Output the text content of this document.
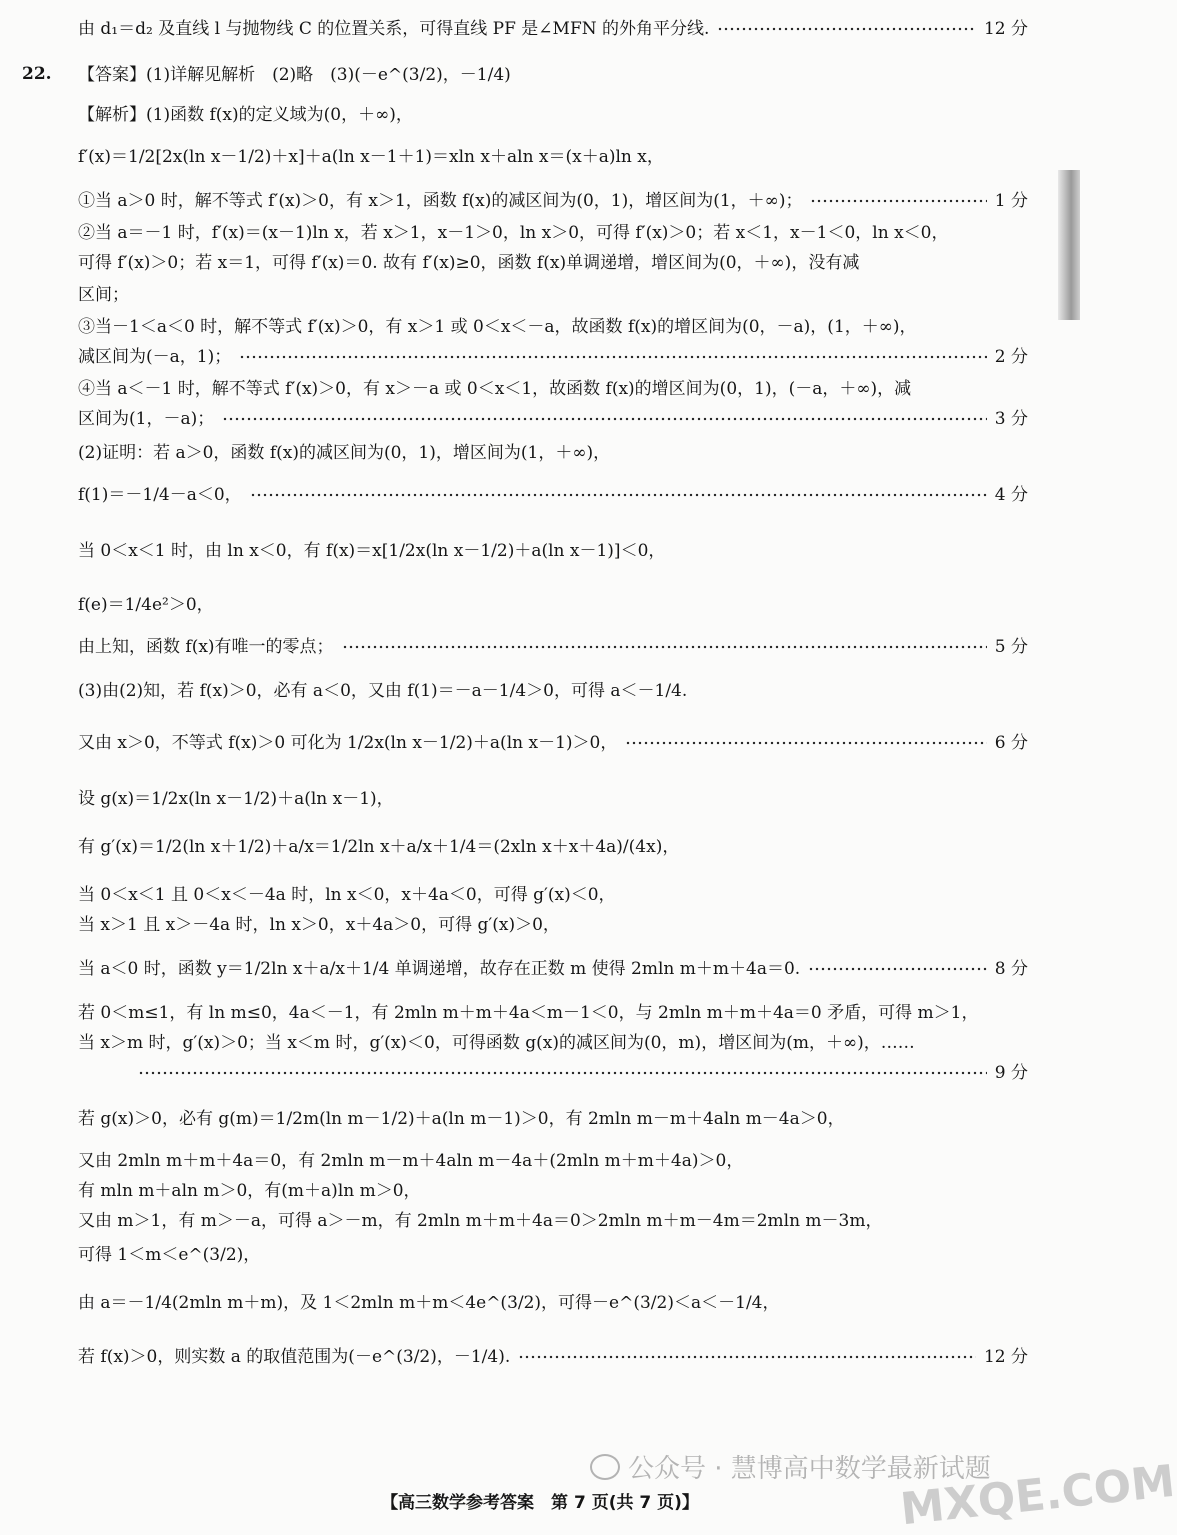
22.
由 d₁＝d₂ 及直线 l 与抛物线 C 的位置关系，可得直线 PF 是∠MFN 的外角平分线.	12 分
【答案】(1)详解见解析　(2)略　(3)(－e^(3/2)，－1/4)
【解析】(1)函数 f(x)的定义域为(0，＋∞)，
f′(x)＝1/2[2x(ln x－1/2)＋x]＋a(ln x－1＋1)＝xln x＋aln x＝(x＋a)ln x，
①当 a＞0 时，解不等式 f′(x)＞0，有 x＞1，函数 f(x)的减区间为(0，1)，增区间为(1，＋∞)；	1 分
②当 a＝－1 时，f′(x)＝(x－1)ln x，若 x＞1，x－1＞0，ln x＞0，可得 f′(x)＞0；若 x＜1，x－1＜0，ln x＜0，
可得 f′(x)＞0；若 x＝1，可得 f′(x)＝0. 故有 f′(x)≥0，函数 f(x)单调递增，增区间为(0，＋∞)，没有减
区间；
③当－1＜a＜0 时，解不等式 f′(x)＞0，有 x＞1 或 0＜x＜－a，故函数 f(x)的增区间为(0，－a)，(1，＋∞)，
减区间为(－a，1)；	2 分
④当 a＜－1 时，解不等式 f′(x)＞0，有 x＞－a 或 0＜x＜1，故函数 f(x)的增区间为(0，1)，(－a，＋∞)，减
区间为(1，－a)；	3 分
(2)证明：若 a＞0，函数 f(x)的减区间为(0，1)，增区间为(1，＋∞)，
f(1)＝－1/4－a＜0，	4 分
当 0＜x＜1 时，由 ln x＜0，有 f(x)＝x[1/2x(ln x－1/2)＋a(ln x－1)]＜0，
f(e)＝1/4e²＞0，
由上知，函数 f(x)有唯一的零点；	5 分
(3)由(2)知，若 f(x)＞0，必有 a＜0，又由 f(1)＝－a－1/4＞0，可得 a＜－1/4.
又由 x＞0，不等式 f(x)＞0 可化为 1/2x(ln x－1/2)＋a(ln x－1)＞0，	6 分
设 g(x)＝1/2x(ln x－1/2)＋a(ln x－1)，
有 g′(x)＝1/2(ln x＋1/2)＋a/x＝1/2ln x＋a/x＋1/4＝(2xln x＋x＋4a)/(4x)，
当 0＜x＜1 且 0＜x＜－4a 时，ln x＜0，x＋4a＜0，可得 g′(x)＜0，
当 x＞1 且 x＞－4a 时，ln x＞0，x＋4a＞0，可得 g′(x)＞0，
当 a＜0 时，函数 y＝1/2ln x＋a/x＋1/4 单调递增，故存在正数 m 使得 2mln m＋m＋4a＝0.	8 分
若 0＜m≤1，有 ln m≤0，4a＜－1，有 2mln m＋m＋4a＜m－1＜0，与 2mln m＋m＋4a＝0 矛盾，可得 m＞1，
当 x＞m 时，g′(x)＞0；当 x＜m 时，g′(x)＜0，可得函数 g(x)的减区间为(0，m)，增区间为(m，＋∞)，……
9 分
若 g(x)＞0，必有 g(m)＝1/2m(ln m－1/2)＋a(ln m－1)＞0，有 2mln m－m＋4aln m－4a＞0，
又由 2mln m＋m＋4a＝0，有 2mln m－m＋4aln m－4a＋(2mln m＋m＋4a)＞0，
有 mln m＋aln m＞0，有(m＋a)ln m＞0，
又由 m＞1，有 m＞－a，可得 a＞－m，有 2mln m＋m＋4a＝0＞2mln m＋m－4m＝2mln m－3m，
可得 1＜m＜e^(3/2)，
由 a＝－1/4(2mln m＋m)，及 1＜2mln m＋m＜4e^(3/2)，可得－e^(3/2)＜a＜－1/4，
若 f(x)＞0，则实数 a 的取值范围为(－e^(3/2)，－1/4).	12 分
公众号 · 慧博高中数学最新试题
MXQE.COM
【高三数学参考答案　第 7 页(共 7 页)】
